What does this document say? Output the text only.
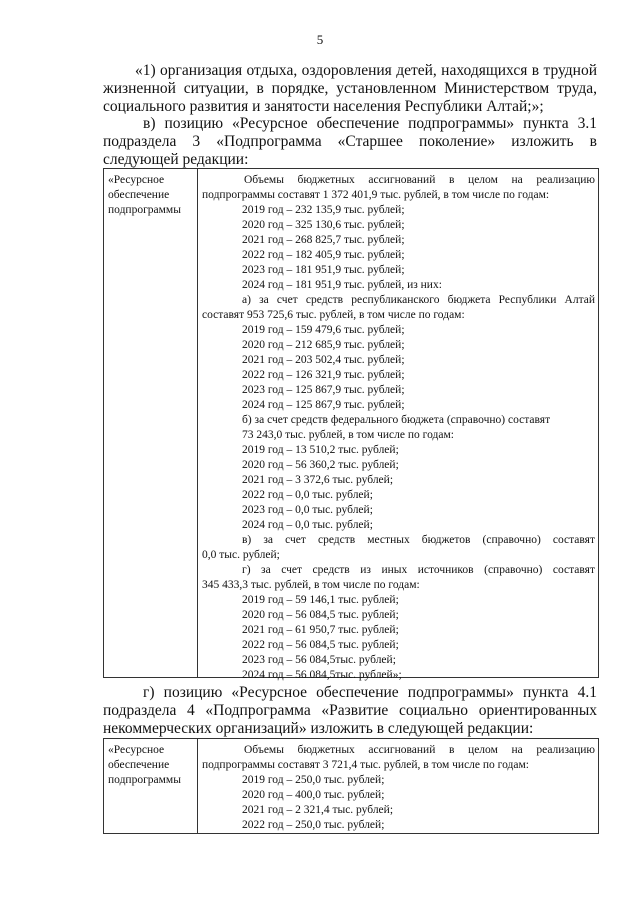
5
«1) организация отдыха, оздоровления детей, находящихся в трудной
жизненной ситуации, в порядке, установленном Министерством труда,
социального развития и занятости населения Республики Алтай;»;
в) позицию «Ресурсное обеспечение подпрограммы» пункта 3.1
подраздела 3 «Подпрограмма «Старшее поколение» изложить в
следующей редакции:
«Ресурсное
обеспечение
подпрограммы
Объемы бюджетных ассигнований в целом на реализацию
подпрограммы составят 1 372 401,9 тыс. рублей, в том числе по годам:
2019 год – 232 135,9 тыс. рублей;
2020 год – 325 130,6 тыс. рублей;
2021 год – 268 825,7 тыс. рублей;
2022 год – 182 405,9 тыс. рублей;
2023 год – 181 951,9 тыс. рублей;
2024 год – 181 951,9 тыс. рублей, из них:
а) за счет средств республиканского бюджета Республики Алтай
составят 953 725,6 тыс. рублей, в том числе по годам:
2019 год – 159 479,6 тыс. рублей;
2020 год – 212 685,9 тыс. рублей;
2021 год – 203 502,4 тыс. рублей;
2022 год – 126 321,9 тыс. рублей;
2023 год – 125 867,9 тыс. рублей;
2024 год – 125 867,9 тыс. рублей;
б) за счет средств федерального бюджета (справочно) составят
73 243,0 тыс. рублей, в том числе по годам:
2019 год – 13 510,2 тыс. рублей;
2020 год – 56 360,2 тыс. рублей;
2021 год – 3 372,6 тыс. рублей;
2022 год – 0,0 тыс. рублей;
2023 год – 0,0 тыс. рублей;
2024 год – 0,0 тыс. рублей;
в) за счет средств местных бюджетов (справочно) составят
0,0 тыс. рублей;
г) за счет средств из иных источников (справочно) составят
345 433,3 тыс. рублей, в том числе по годам:
2019 год – 59 146,1 тыс. рублей;
2020 год – 56 084,5 тыс. рублей;
2021 год – 61 950,7 тыс. рублей;
2022 год – 56 084,5 тыс. рублей;
2023 год – 56 084,5тыс. рублей;
2024 год – 56 084,5тыс. рублей»;
г) позицию «Ресурсное обеспечение подпрограммы» пункта 4.1
подраздела 4 «Подпрограмма «Развитие социально ориентированных
некоммерческих организаций» изложить в следующей редакции:
«Ресурсное
обеспечение
подпрограммы
Объемы бюджетных ассигнований в целом на реализацию
подпрограммы составят 3 721,4 тыс. рублей, в том числе по годам:
2019 год – 250,0 тыс. рублей;
2020 год – 400,0 тыс. рублей;
2021 год – 2 321,4 тыс. рублей;
2022 год – 250,0 тыс. рублей;
